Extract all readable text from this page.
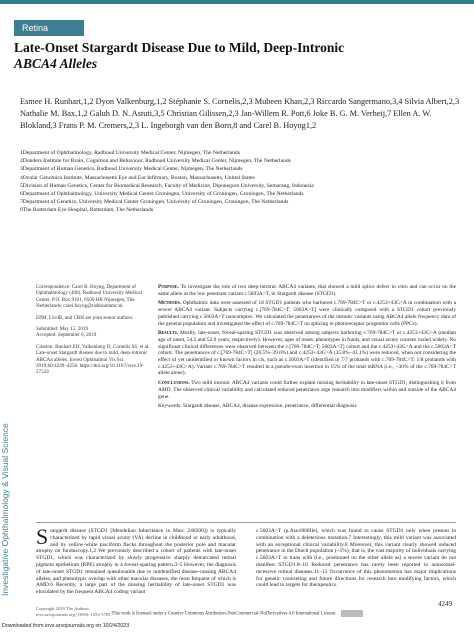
Retina
Late-Onset Stargardt Disease Due to Mild, Deep-Intronic
ABCA4 Alleles
Esmee H. Runhart,1,2 Dyon Valkenburg,1,2 Stéphanie S. Cornelis,2,3 Mubeen Khan,2,3 Riccardo Sangermano,3,4 Silvia Albert,2,3 Nathalie M. Bax,1,2 Galuh D. N. Astuti,3,5 Christian Gilissen,2,3 Jan-Willem R. Pott,6 Joke B. G. M. Verheij,7 Ellen A. W. Blokland,3 Frans P. M. Cremers,2,3 L. Ingeborgh van den Born,8 and Carel B. Hoyng1,2
1Department of Ophthalmology, Radboud University Medical Center, Nijmegen, The Netherlands
2Donders Institute for Brain, Cognition and Behaviour, Radboud University Medical Center, Nijmegen, The Netherlands
3Department of Human Genetics, Radboud University Medical Center, Nijmegen, The Netherlands
4Ocular Genomics Institute, Massachusetts Eye and Ear Infirmary, Boston, Massachusetts, United States
5Division of Human Genetics, Center for Biomedical Research, Faculty of Medicine, Diponegoro University, Semarang, Indonesia
6Department of Ophthalmology, University Medical Center Groningen, University of Groningen, Groningen, The Netherlands
7Department of Genetics, University Medical Center Groningen, University of Groningen, Groningen, The Netherlands
8The Rotterdam Eye Hospital, Rotterdam, The Netherlands
Correspondence: Carel B. Hoyng, Department of Ophthalmology (400), Radboud University Medical Center, P.O. Box 9101, 6500 HB Nijmegen, The Netherlands; carel.hoyng@radboudumc.nl.
EPM, LIvdB, and CBH are joint senior authors.
Submitted: May 15, 2019
Accepted: September 6, 2019
Citation: Runhart EH, Valkenburg D, Cornelis SS, et al. Late-onset Stargardt disease due to mild, deep-intronic ABCA4 alleles. Invest Ophthalmol Vis Sci. 2019;60:4249–4256. https://doi.org/10.1167/iovs.19-27524

Purpose. To investigate the role of two deep-intronic ABCA4 variants, that showed a mild splice defect in vitro and can occur on the same allele as the low penetrant variant c.5603A>T, in Stargardt disease (STGD1).

Methods. Ophthalmic data were assessed of 18 STGD1 patients who harbored c.769-784C>T or c.4253+43G>A in combination with a severe ABCA4 variant. Subjects carrying c.[769-784C>T; 5603A>T] were clinically compared with a STGD1 cohort previously published carrying c.5603A>T noncomplex. We calculated the penetrances of the intronic variants using ABCA4 allele frequency data of the general population and investigated the effect of c.769-784C>T on splicing in photoreceptor progenitor cells (PPCs).

Results. Mostly, late-onset, foveal-sparing STGD1 was observed among subjects harboring c.769-784C>T or c.4253+43G>A (median age of onset, 54.5 and 52.0 years, respectively). However, ages of onset, phenotypes in funds, and visual acuity courses varied widely. No significant clinical differences were observed between the c.[769-784C>T; 5603A>T] cohort and the c.4253+43G>A and the c.5603A>T cohort. The penetrances of c.[769-784C>T] (20.5%–39.6%) and c.4253+43G>A (35.8%–43.1%) were reduced, when not considering the effect of yet unidentified or known factors in cis, such as c.5603A>T (identified in 7/7 probands with c.769-784C>T; 1/8 probands with c.4253+43G>A). Variant c.769-784C>T resulted in a pseudo-exon insertion in 15% of the total mRNA (i.e., ~30% of the c.769-784C>T allele alone).

Conclusions. Two mild intronic ABCA4 variants could further explain missing heritability in late-onset STGD1, distinguishing it from AMD. The observed clinical variability and calculated reduced penetrance urge research into modifiers within and outside of the ABCA4 gene.

Keywords: Stargardt disease, ABCA4, disease expression, penetrance, differential diagnosis

Investigative Ophthalmology & Visual Science Stargardt disease (STGD1 [Mendelian Inheritance in Man: 248200]) is typically characterized by rapid visual acuity (VA) decline in childhood or early adulthood, and by yellow-white pisciform flecks throughout the posterior pole and macular atrophy on funduscopy.1,2 We previously described a cohort of patients with late-onset STGD1, which was characterized by slowly progressive sharply demarcated retinal pigment epithelium (RPE) atrophy in a foveal-sparing pattern.3–5 However, the diagnosis of late-onset STGD1 remained questionable due to unidentified disease-causing ABCA4 alleles, and phenotypic overlap with other macular diseases, the most frequent of which is AMD.6 Recently, a large part of the missing heritability of late-onset STGD1 was elucidated by the frequent ABCA4 coding variant
c.5603A>T (p.Asn1868Ile), which was found to cause STGD1 only when present in combination with a deleterious mutation.7 Interestingly, this mild variant was associated with an exceptional clinical variability.8 Moreover, this variant clearly showed reduced penetrance in the Dutch population (~5%), that is, the vast majority of individuals carrying c.5603A>T in trans with (i.e., positioned on the other allele as) a severe variant do not manifest STGD1.8–10 Reduced penetrance has rarely been reported in autosomal-recessive retinal diseases.11–13 Occurrence of this phenomenon has major implications for genetic counseling and future directions for research into modifying factors, which could lead to targets for therapeutics.
Copyright 2019 The Authors
iovs.arvojournals.org | ISSN: 1552-5783
4249
This work is licensed under a Creative Commons Attribution-NonCommercial-NoDerivatives 4.0 International License.
Downloaded from iovs.arvojournals.org on 10/24/2023
